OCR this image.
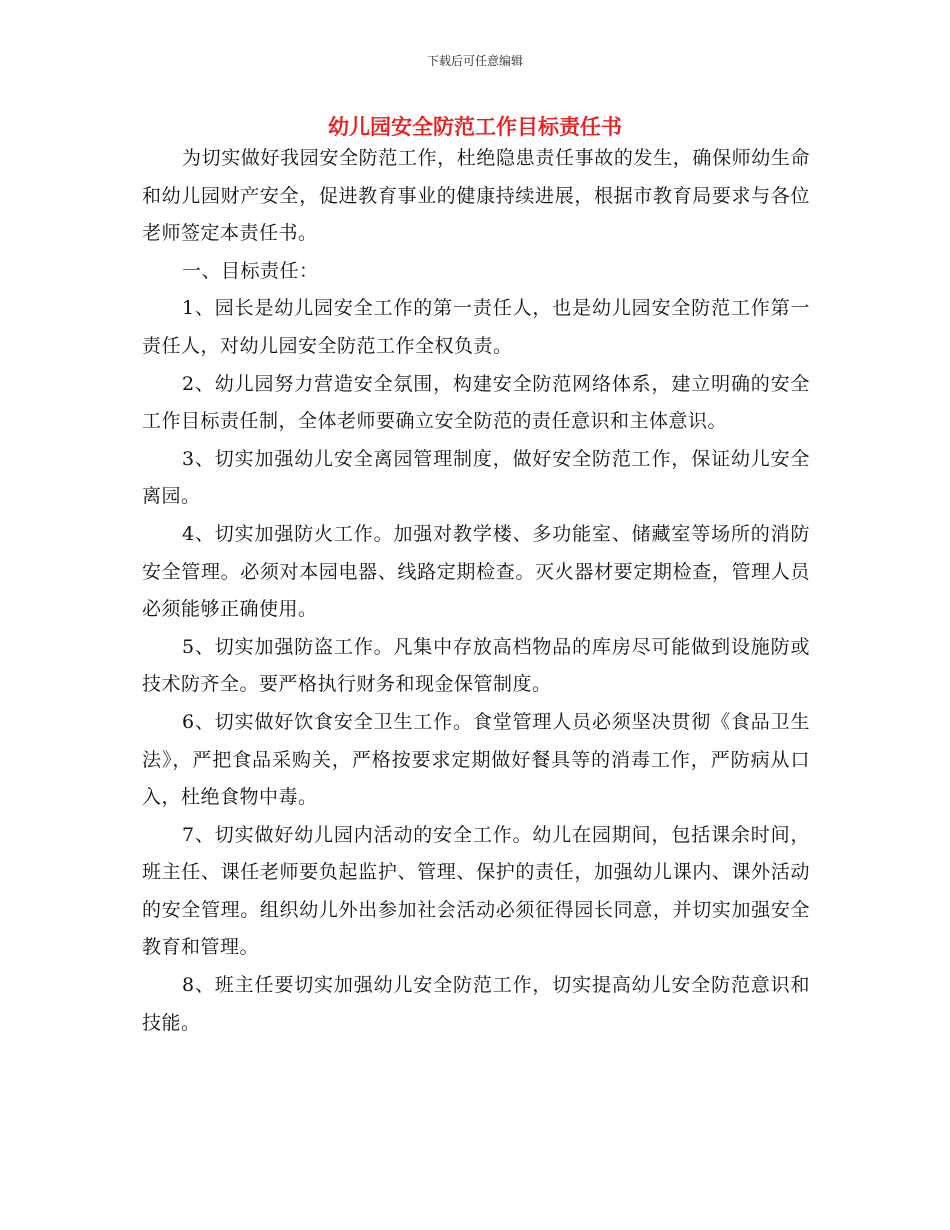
下载后可任意编辑
幼儿园安全防范工作目标责任书

为切实做好我园安全防范工作，杜绝隐患责任事故的发生，确保师幼生命和幼儿园财产安全，促进教育事业的健康持续进展，根据市教育局要求与各位老师签定本责任书。

一、目标责任：

1、园长是幼儿园安全工作的第一责任人，也是幼儿园安全防范工作第一责任人，对幼儿园安全防范工作全权负责。

2、幼儿园努力营造安全氛围，构建安全防范网络体系，建立明确的安全工作目标责任制，全体老师要确立安全防范的责任意识和主体意识。

3、切实加强幼儿安全离园管理制度，做好安全防范工作，保证幼儿安全离园。

4、切实加强防火工作。加强对教学楼、多功能室、储藏室等场所的消防安全管理。必须对本园电器、线路定期检查。灭火器材要定期检查，管理人员必须能够正确使用。

5、切实加强防盗工作。凡集中存放高档物品的库房尽可能做到设施防或技术防齐全。要严格执行财务和现金保管制度。

6、切实做好饮食安全卫生工作。食堂管理人员必须坚决贯彻《食品卫生法》，严把食品采购关，严格按要求定期做好餐具等的消毒工作，严防病从口入，杜绝食物中毒。

7、切实做好幼儿园内活动的安全工作。幼儿在园期间，包括课余时间，班主任、课任老师要负起监护、管理、保护的责任，加强幼儿课内、课外活动的安全管理。组织幼儿外出参加社会活动必须征得园长同意，并切实加强安全教育和管理。

8、班主任要切实加强幼儿安全防范工作，切实提高幼儿安全防范意识和技能。
